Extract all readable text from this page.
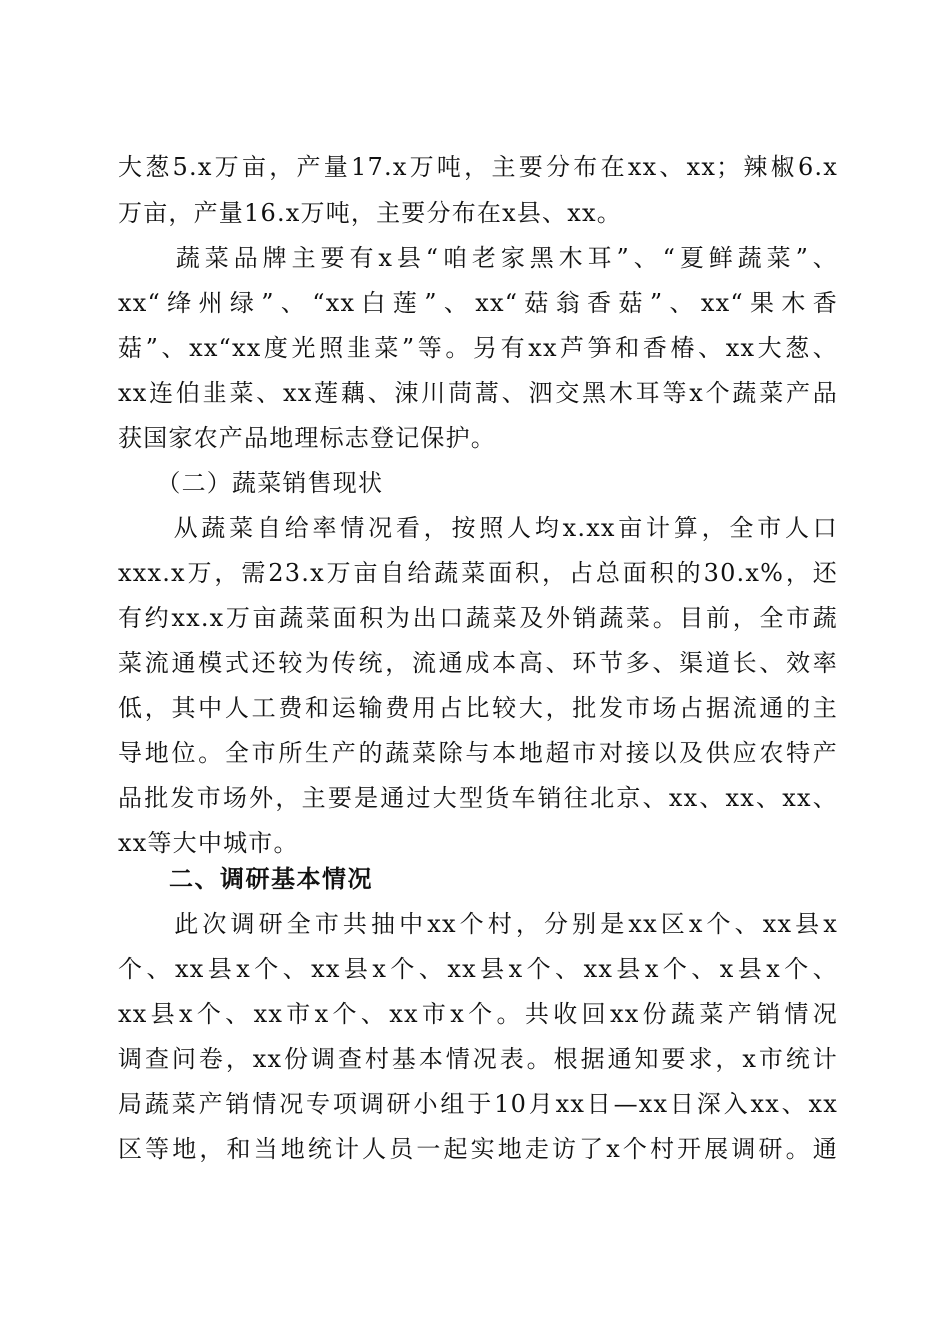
大葱5.x万亩，产量17.x万吨，主要分布在xx、xx；辣椒6.x
万亩，产量16.x万吨，主要分布在x县、xx。
　　蔬菜品牌主要有x县“咱老家黑木耳”、“夏鲜蔬菜”、
xx“绛州绿”、“xx白莲”、xx“菇翁香菇”、xx“果木香
菇”、xx“xx度光照韭菜”等。另有xx芦笋和香椿、xx大葱、
xx连伯韭菜、xx莲藕、涑川茼蒿、泗交黑木耳等x个蔬菜产品
获国家农产品地理标志登记保护。
　　（二）蔬菜销售现状
　　从蔬菜自给率情况看，按照人均x.xx亩计算，全市人口
xxx.x万，需23.x万亩自给蔬菜面积，占总面积的30.x%，还
有约xx.x万亩蔬菜面积为出口蔬菜及外销蔬菜。目前，全市蔬
菜流通模式还较为传统，流通成本高、环节多、渠道长、效率
低，其中人工费和运输费用占比较大，批发市场占据流通的主
导地位。全市所生产的蔬菜除与本地超市对接以及供应农特产
品批发市场外，主要是通过大型货车销往北京、xx、xx、xx、
xx等大中城市。
　　二、调研基本情况
　　此次调研全市共抽中xx个村，分别是xx区x个、xx县x
个、xx县x个、xx县x个、xx县x个、xx县x个、x县x个、
xx县x个、xx市x个、xx市x个。共收回xx份蔬菜产销情况
调查问卷，xx份调查村基本情况表。根据通知要求，x市统计
局蔬菜产销情况专项调研小组于10月xx日—xx日深入xx、xx
区等地，和当地统计人员一起实地走访了x个村开展调研。通
